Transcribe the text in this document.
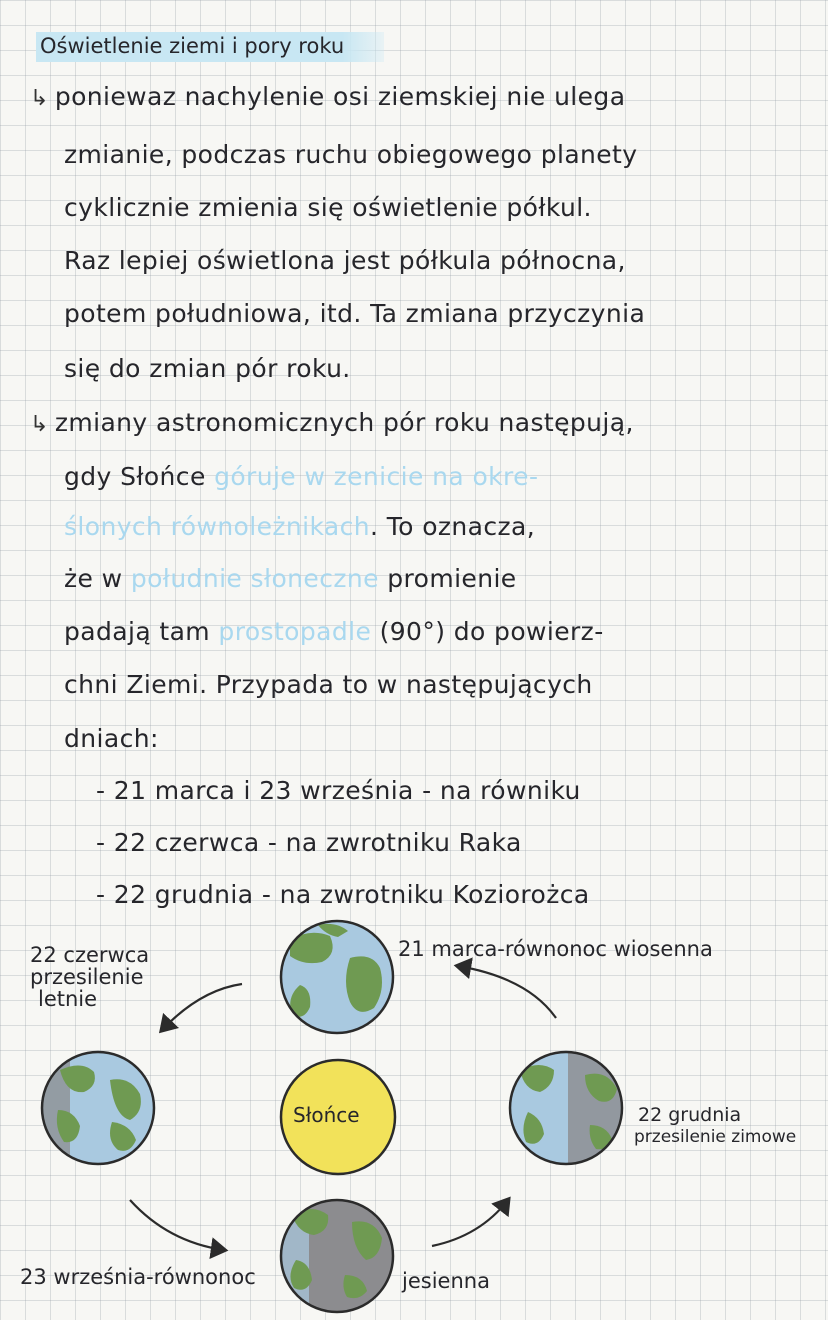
Oświetlenie ziemi i pory roku
↳ poniewaz nachylenie osi ziemskiej nie ulega
zmianie, podczas ruchu obiegowego planety
cyklicznie zmienia się oświetlenie półkul.
Raz lepiej oświetlona jest półkula północna,
potem południowa, itd. Ta zmiana przyczynia
się do zmian pór roku.
↳ zmiany astronomicznych pór roku następują,
gdy Słońce góruje w zenicie na okre-
ślonych równoleżnikach. To oznacza,
że w południe słoneczne promienie
padają tam prostopadle (90°) do powierz-
chni Ziemi. Przypada to w następujących
dniach:
- 21 marca i 23 września - na równiku
- 22 czerwca - na zwrotniku Raka
- 22 grudnia - na zwrotniku Koziorożca
Słońce
22 czerwca
przesilenie
letnie
21 marca-równonoc wiosenna
22 grudnia
przesilenie zimowe
23 września-równonoc	jesienna
